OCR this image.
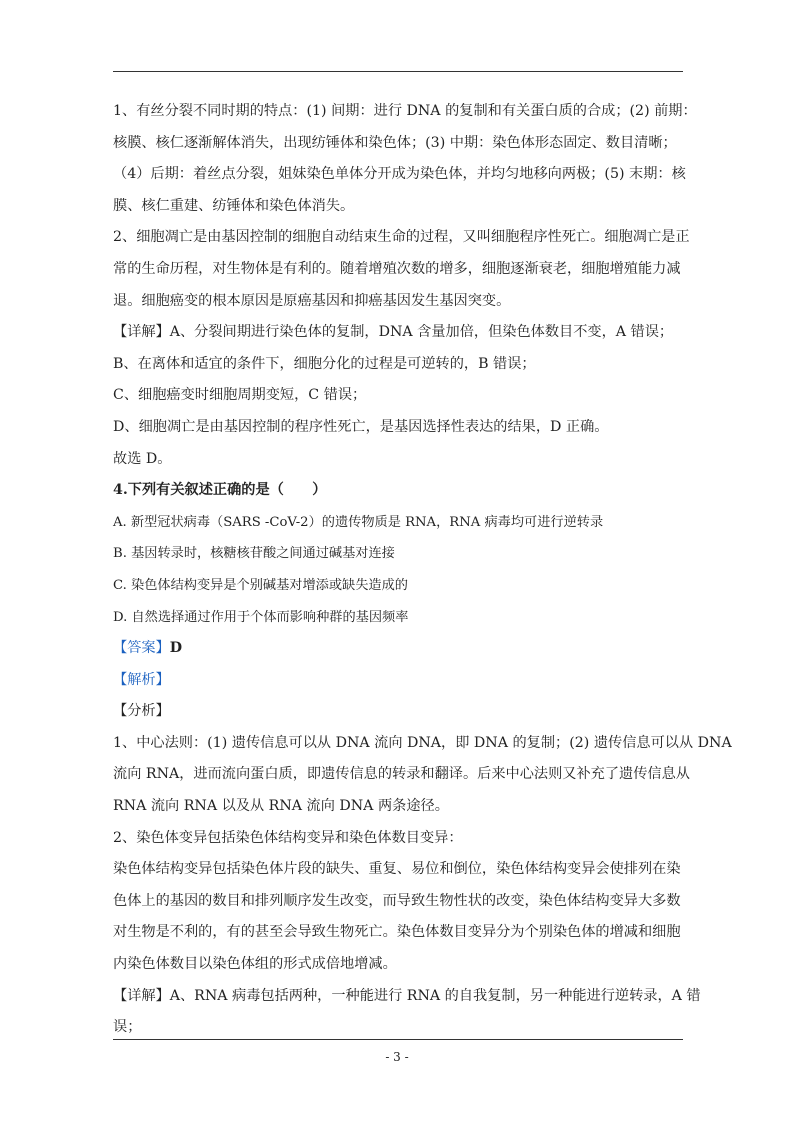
1、有丝分裂不同时期的特点：(1) 间期：进行 DNA 的复制和有关蛋白质的合成；(2) 前期：
核膜、核仁逐渐解体消失，出现纺锤体和染色体；(3) 中期：染色体形态固定、数目清晰；
（4）后期：着丝点分裂，姐妹染色单体分开成为染色体，并均匀地移向两极；(5) 末期：核
膜、核仁重建、纺锤体和染色体消失。
2、细胞凋亡是由基因控制的细胞自动结束生命的过程，又叫细胞程序性死亡。细胞凋亡是正
常的生命历程，对生物体是有利的。随着增殖次数的增多，细胞逐渐衰老，细胞增殖能力减
退。细胞癌变的根本原因是原癌基因和抑癌基因发生基因突变。
【详解】A、分裂间期进行染色体的复制，DNA 含量加倍，但染色体数目不变，A 错误；
B、在离体和适宜的条件下，细胞分化的过程是可逆转的，B 错误；
C、细胞癌变时细胞周期变短，C 错误；
D、细胞凋亡是由基因控制的程序性死亡，是基因选择性表达的结果，D 正确。
故选 D。
4.下列有关叙述正确的是（　　）
A. 新型冠状病毒（SARS -CoV-2）的遗传物质是 RNA，RNA 病毒均可进行逆转录
B. 基因转录时，核糖核苷酸之间通过碱基对连接
C. 染色体结构变异是个别碱基对增添或缺失造成的
D. 自然选择通过作用于个体而影响种群的基因频率
【答案】D
【解析】
【分析】
1、中心法则：(1) 遗传信息可以从 DNA 流向 DNA，即 DNA 的复制；(2) 遗传信息可以从 DNA
流向 RNA，进而流向蛋白质，即遗传信息的转录和翻译。后来中心法则又补充了遗传信息从
RNA 流向 RNA 以及从 RNA 流向 DNA 两条途径。
2、染色体变异包括染色体结构变异和染色体数目变异：
染色体结构变异包括染色体片段的缺失、重复、易位和倒位，染色体结构变异会使排列在染
色体上的基因的数目和排列顺序发生改变，而导致生物性状的改变，染色体结构变异大多数
对生物是不利的，有的甚至会导致生物死亡。染色体数目变异分为个别染色体的增减和细胞
内染色体数目以染色体组的形式成倍地增减。
【详解】A、RNA 病毒包括两种，一种能进行 RNA 的自我复制，另一种能进行逆转录，A 错
误；
- 3 -
